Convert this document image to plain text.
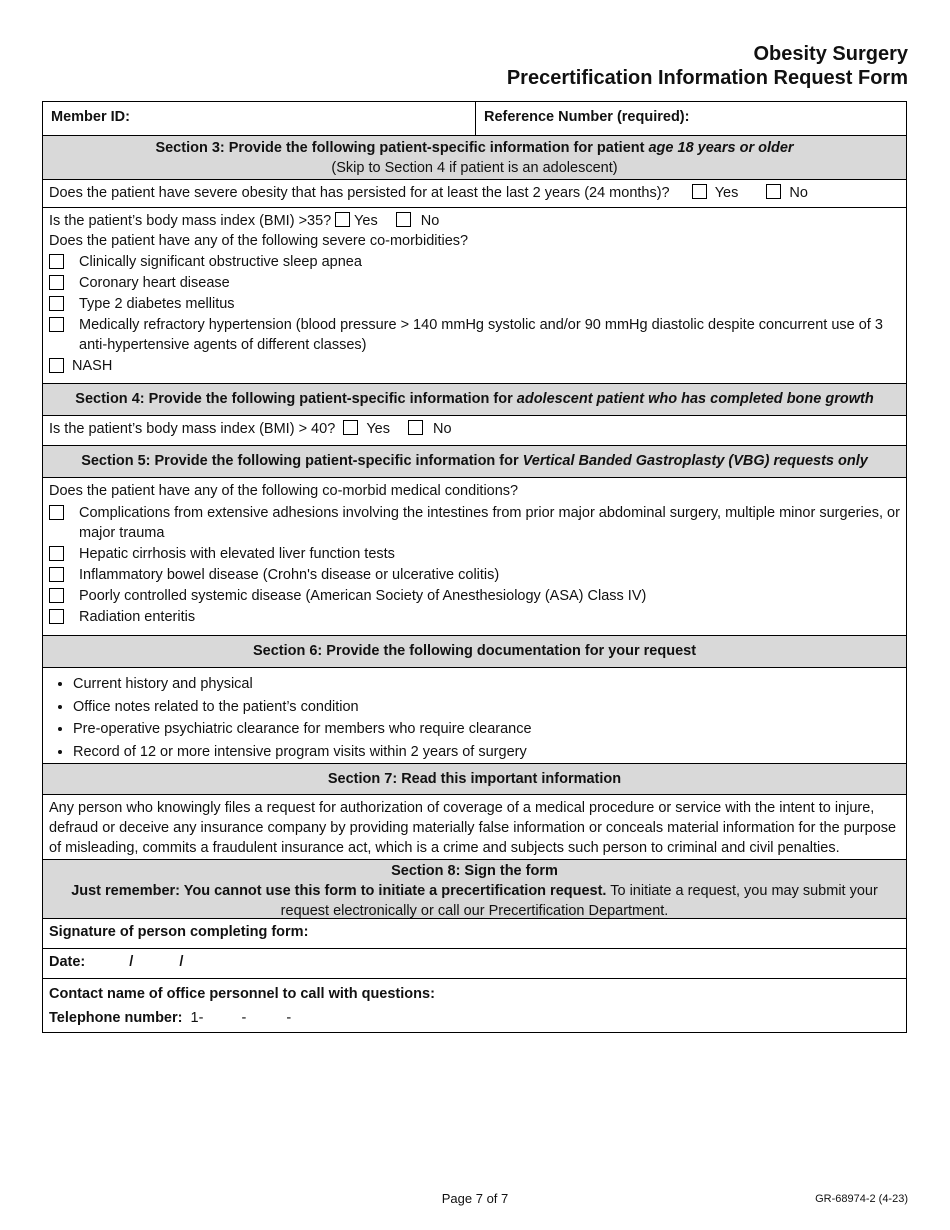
Obesity Surgery
Precertification Information Request Form
Member ID:	Reference Number (required):
Section 3: Provide the following patient-specific information for patient age 18 years or older
(Skip to Section 4 if patient is an adolescent)
Does the patient have severe obesity that has persisted for at least the last 2 years (24 months)?	Yes	No
Is the patient’s body mass index (BMI) >35? Yes	No
Does the patient have any of the following severe co-morbidities?
Clinically significant obstructive sleep apnea
Coronary heart disease
Type 2 diabetes mellitus
Medically refractory hypertension (blood pressure > 140 mmHg systolic and/or 90 mmHg diastolic despite concurrent use of 3 anti-hypertensive agents of different classes)
NASH
Section 4: Provide the following patient-specific information for adolescent patient who has completed bone growth
Is the patient’s body mass index (BMI) > 40? Yes	No
Section 5: Provide the following patient-specific information for Vertical Banded Gastroplasty (VBG) requests only
Does the patient have any of the following co-morbid medical conditions?
Complications from extensive adhesions involving the intestines from prior major abdominal surgery, multiple minor surgeries, or major trauma
Hepatic cirrhosis with elevated liver function tests
Inflammatory bowel disease (Crohn's disease or ulcerative colitis)
Poorly controlled systemic disease (American Society of Anesthesiology (ASA) Class IV)
Radiation enteritis
Section 6: Provide the following documentation for your request
• Current history and physical
• Office notes related to the patient’s condition
• Pre-operative psychiatric clearance for members who require clearance
• Record of 12 or more intensive program visits within 2 years of surgery
Section 7: Read this important information
Any person who knowingly files a request for authorization of coverage of a medical procedure or service with the intent to injure, defraud or deceive any insurance company by providing materially false information or conceals material information for the purpose of misleading, commits a fraudulent insurance act, which is a crime and subjects such person to criminal and civil penalties.
Section 8: Sign the form
Just remember: You cannot use this form to initiate a precertification request. To initiate a request, you may submit your request electronically or call our Precertification Department.
Signature of person completing form:
Date:	/	/
Contact name of office personnel to call with questions:
Telephone number: 1-	-	-
Page 7 of 7	GR-68974-2 (4-23)
